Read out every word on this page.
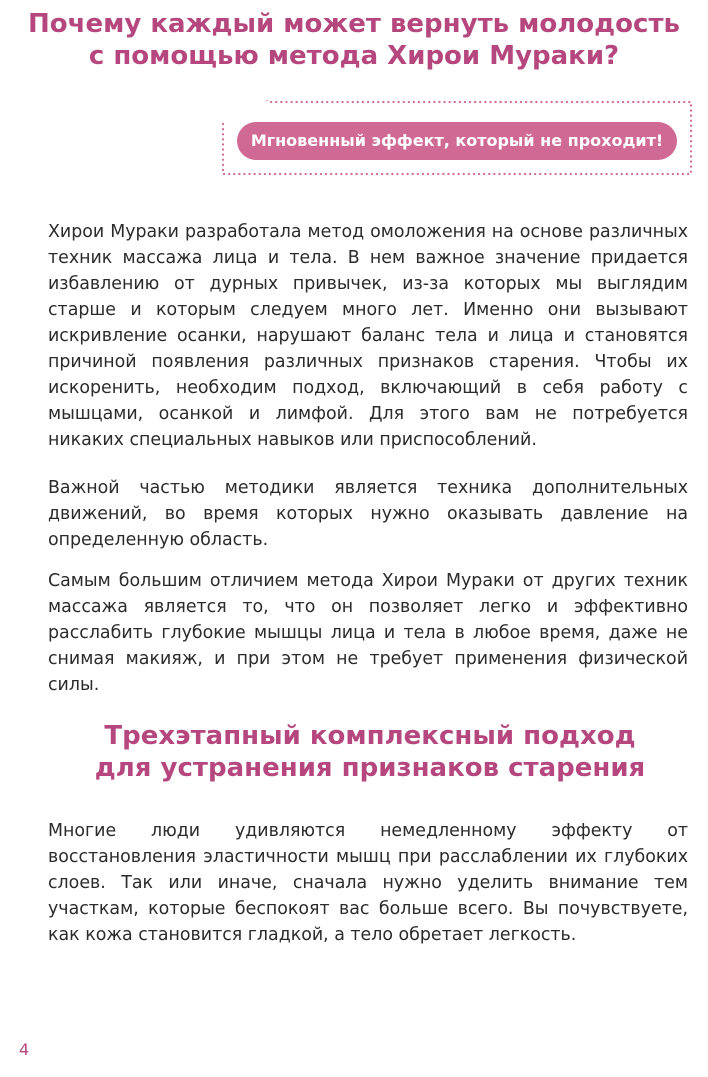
Почему каждый может вернуть молодость
с помощью метода Хирои Мураки?
Мгновенный эффект, который не проходит!

Хирои Мураки разработала метод омоложения на основе различных техник массажа лица и тела. В нем важное значение придается избавлению от дурных привычек, из-за которых мы выглядим старше и которым следуем много лет. Именно они вызывают искривление осанки, нарушают баланс тела и лица и становятся причиной появления различных признаков старения. Чтобы их искоренить, необходим подход, включающий в себя работу с мышцами, осанкой и лимфой. Для этого вам не потребуется никаких специальных навыков или приспособлений.

Важной частью методики является техника дополнительных движений, во время которых нужно оказывать давление на определенную область.

Самым большим отличием метода Хирои Мураки от других техник массажа является то, что он позволяет легко и эффективно расслабить глубокие мышцы лица и тела в любое время, даже не снимая макияж, и при этом не требует применения физической силы.

Трехэтапный комплексный подход
для устранения признаков старения

Многие люди удивляются немедленному эффекту от восстановления эластичности мышц при расслаблении их глубоких слоев. Так или иначе, сначала нужно уделить внимание тем участкам, которые беспокоят вас больше всего. Вы почувствуете, как кожа становится гладкой, а тело обретает легкость.

4
